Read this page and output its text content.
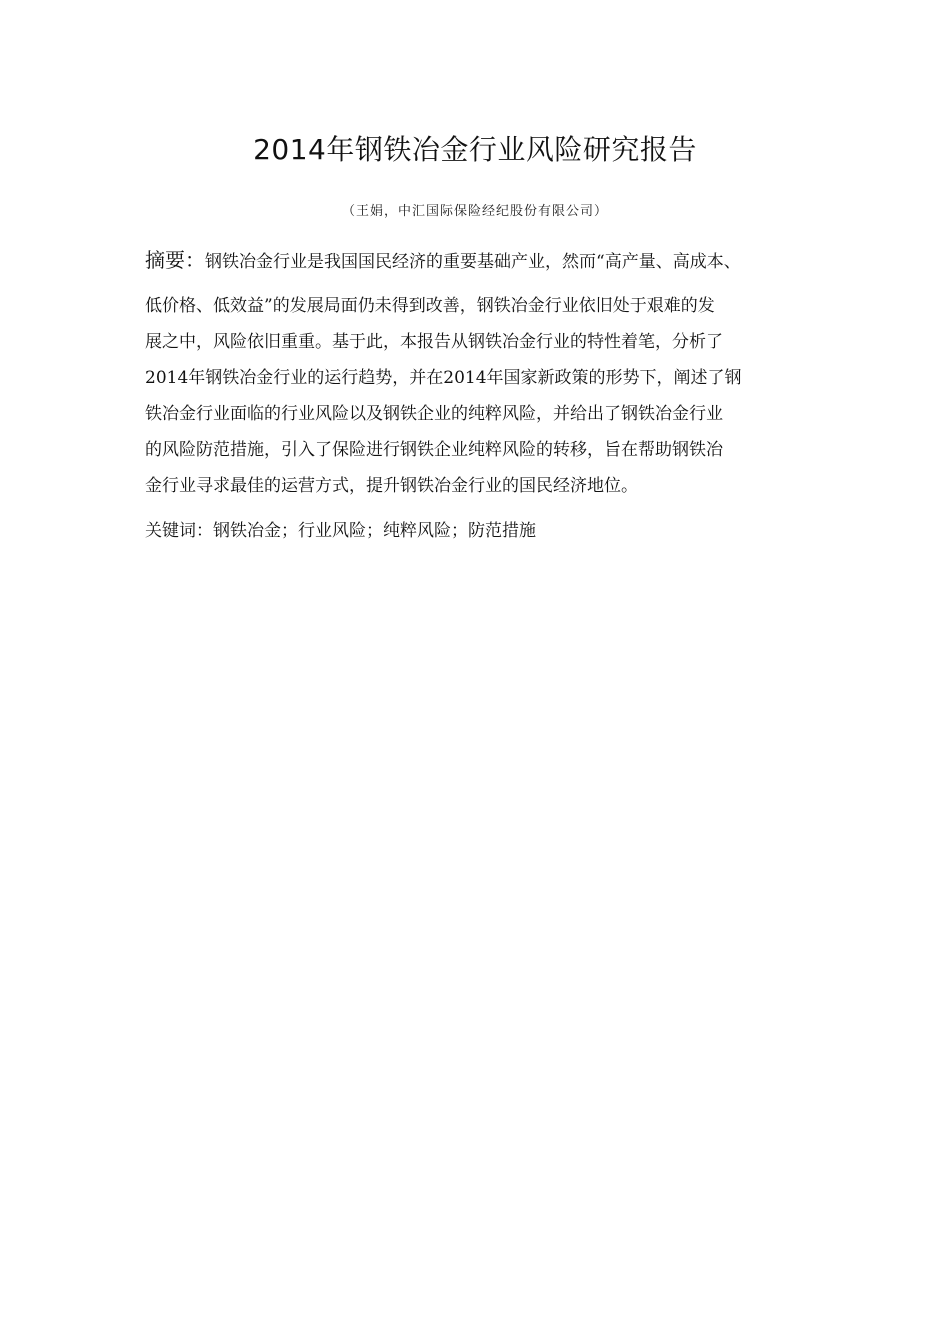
2014年钢铁冶金行业风险研究报告
（王娟，中汇国际保险经纪股份有限公司）
摘要：钢铁冶金行业是我国国民经济的重要基础产业，然而“高产量、高成本、
低价格、低效益”的发展局面仍未得到改善，钢铁冶金行业依旧处于艰难的发
展之中，风险依旧重重。基于此，本报告从钢铁冶金行业的特性着笔，分析了
2014年钢铁冶金行业的运行趋势，并在2014年国家新政策的形势下，阐述了钢
铁冶金行业面临的行业风险以及钢铁企业的纯粹风险，并给出了钢铁冶金行业
的风险防范措施，引入了保险进行钢铁企业纯粹风险的转移，旨在帮助钢铁冶
金行业寻求最佳的运营方式，提升钢铁冶金行业的国民经济地位。
关键词：钢铁冶金；行业风险；纯粹风险；防范措施
